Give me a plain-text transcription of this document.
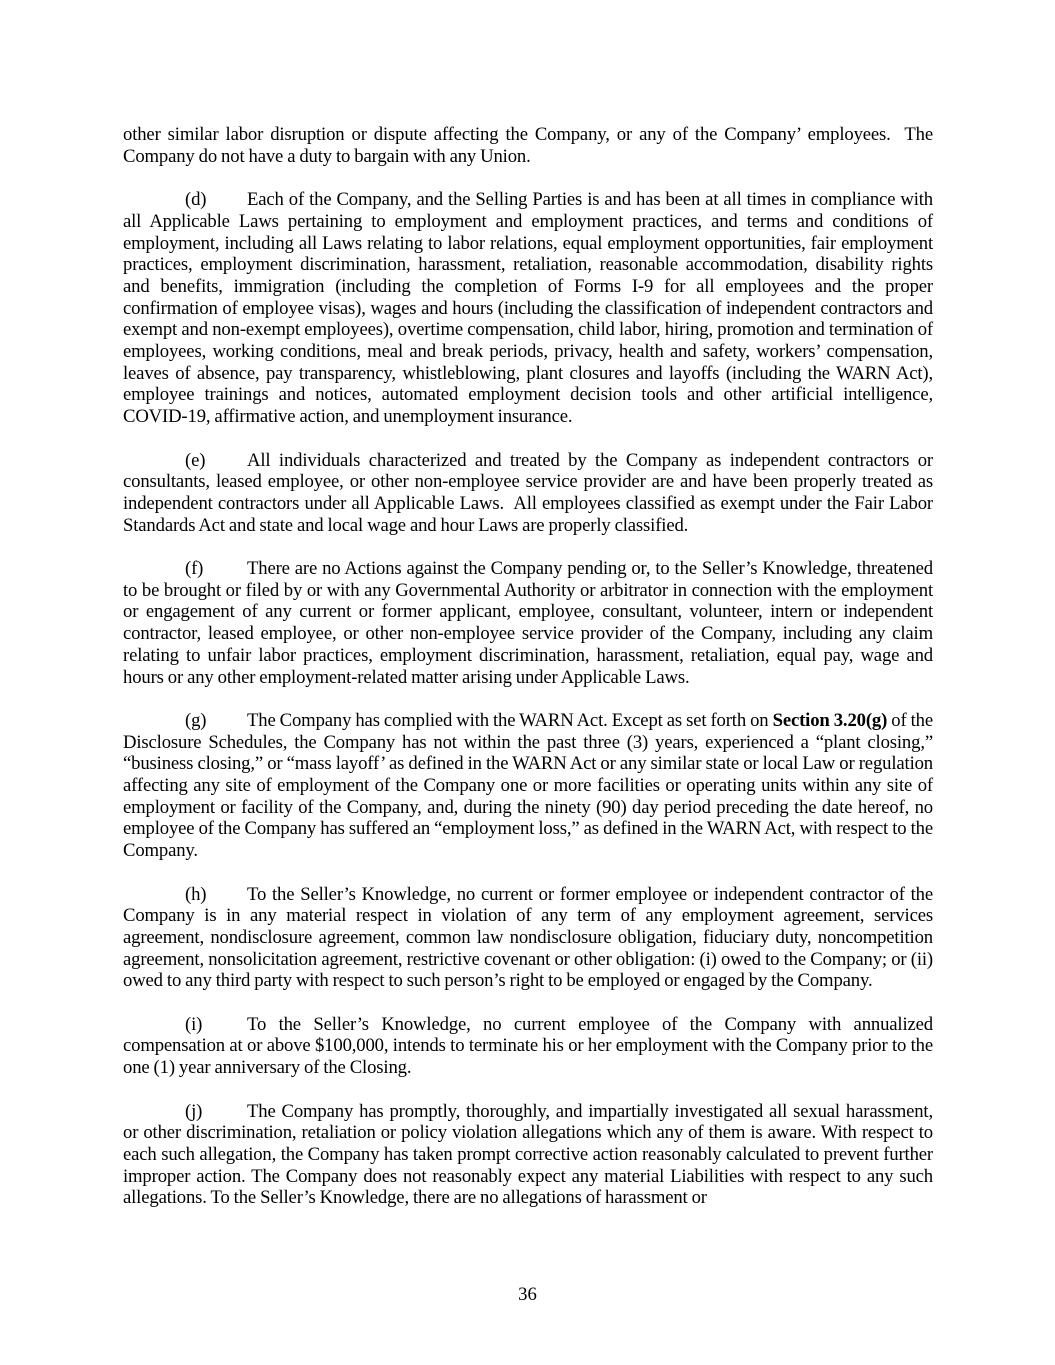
other similar labor disruption or dispute affecting the Company, or any of the Company’ employees.  The Company do not have a duty to bargain with any Union.

(d) Each of the Company, and the Selling Parties is and has been at all times in compliance with all Applicable Laws pertaining to employment and employment practices, and terms and conditions of employment, including all Laws relating to labor relations, equal employment opportunities, fair employment practices, employment discrimination, harassment, retaliation, reasonable accommodation, disability rights and benefits, immigration (including the completion of Forms I-9 for all employees and the proper confirmation of employee visas), wages and hours (including the classification of independent contractors and exempt and non-exempt employees), overtime compensation, child labor, hiring, promotion and termination of employees, working conditions, meal and break periods, privacy, health and safety, workers’ compensation, leaves of absence, pay transparency, whistleblowing, plant closures and layoffs (including the WARN Act), employee trainings and notices, automated employment decision tools and other artificial intelligence, COVID-19, affirmative action, and unemployment insurance.

(e) All individuals characterized and treated by the Company as independent contractors or consultants, leased employee, or other non-employee service provider are and have been properly treated as independent contractors under all Applicable Laws.  All employees classified as exempt under the Fair Labor Standards Act and state and local wage and hour Laws are properly classified.

(f) There are no Actions against the Company pending or, to the Seller’s Knowledge, threatened to be brought or filed by or with any Governmental Authority or arbitrator in connection with the employment or engagement of any current or former applicant, employee, consultant, volunteer, intern or independent contractor, leased employee, or other non-employee service provider of the Company, including any claim relating to unfair labor practices, employment discrimination, harassment, retaliation, equal pay, wage and hours or any other employment-related matter arising under Applicable Laws.

(g) The Company has complied with the WARN Act. Except as set forth on Section 3.20(g) of the Disclosure Schedules, the Company has not within the past three (3) years, experienced a “plant closing,” “business closing,” or “mass layoff’ as defined in the WARN Act or any similar state or local Law or regulation affecting any site of employment of the Company one or more facilities or operating units within any site of employment or facility of the Company, and, during the ninety (90) day period preceding the date hereof, no employee of the Company has suffered an “employment loss,” as defined in the WARN Act, with respect to the Company.

(h) To the Seller’s Knowledge, no current or former employee or independent contractor of the Company is in any material respect in violation of any term of any employment agreement, services agreement, nondisclosure agreement, common law nondisclosure obligation, fiduciary duty, noncompetition agreement, nonsolicitation agreement, restrictive covenant or other obligation: (i) owed to the Company; or (ii) owed to any third party with respect to such person’s right to be employed or engaged by the Company.

(i) To the Seller’s Knowledge, no current employee of the Company with annualized compensation at or above $100,000, intends to terminate his or her employment with the Company prior to the one (1) year anniversary of the Closing.

(j) The Company has promptly, thoroughly, and impartially investigated all sexual harassment, or other discrimination, retaliation or policy violation allegations which any of them is aware. With respect to each such allegation, the Company has taken prompt corrective action reasonably calculated to prevent further improper action. The Company does not reasonably expect any material Liabilities with respect to any such allegations. To the Seller’s Knowledge, there are no allegations of harassment or

36
